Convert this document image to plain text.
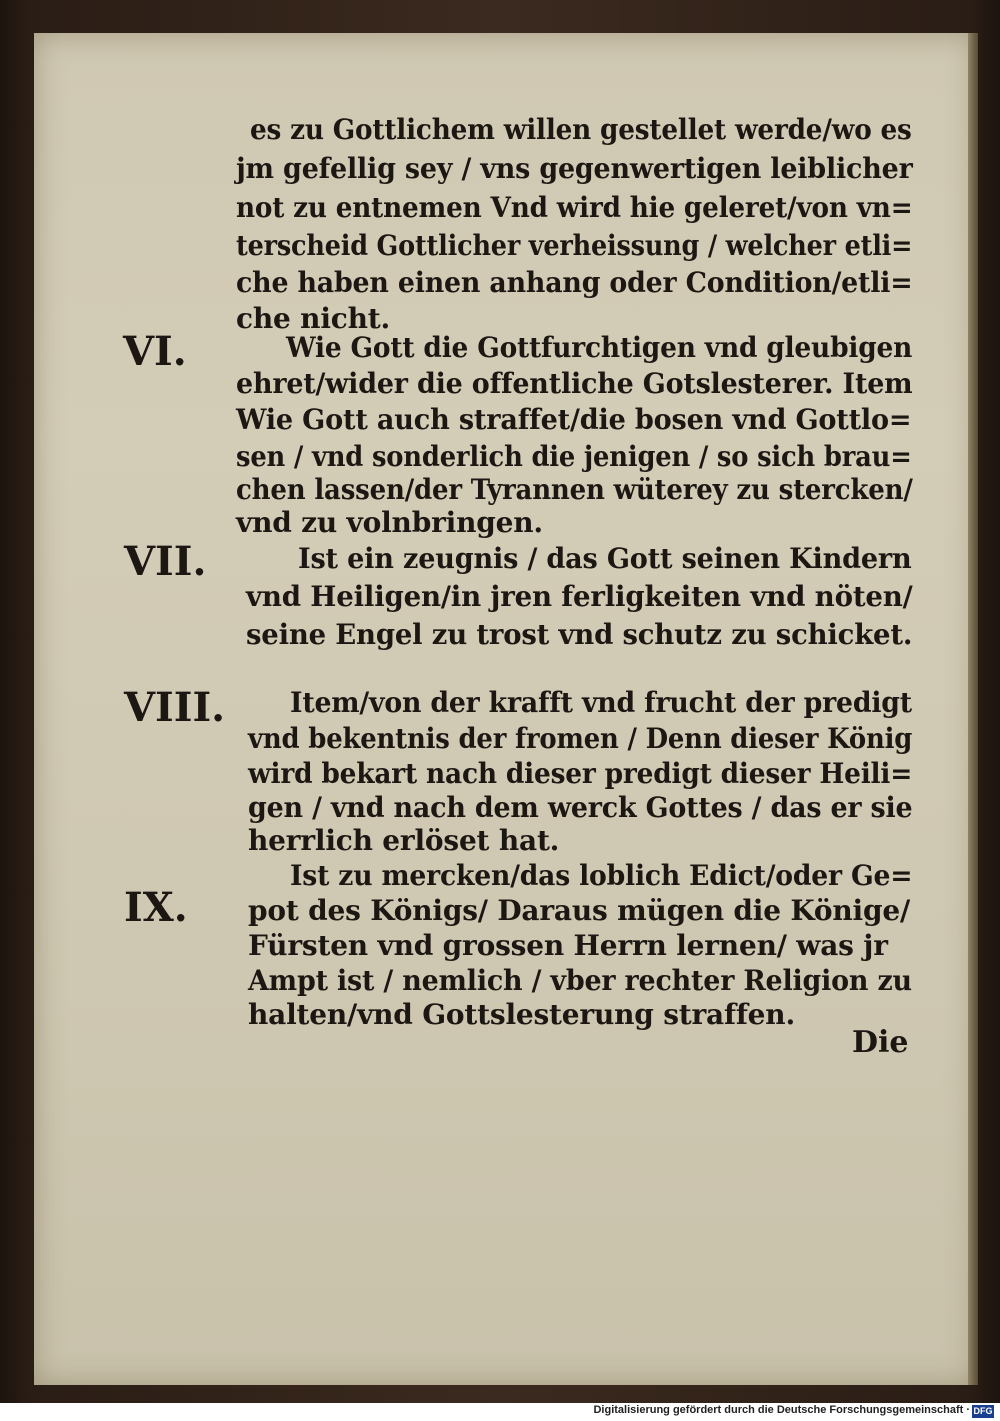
es zu Gottlichem willen gestellet werde/wo es
jm gefellig sey / vns gegenwertigen leiblicher
not zu entnemen Vnd wird hie geleret/von vn=
terscheid Gottlicher verheissung / welcher etli=
che haben einen anhang oder Condition/etli=
che nicht.
VI.	Wie Gott die Gottfurchtigen vnd gleubigen
ehret/wider die offentliche Gotslesterer. Item
Wie Gott auch straffet/die bosen vnd Gottlo=
sen / vnd sonderlich die jenigen / so sich brau=
chen lassen/der Tyrannen wüterey zu stercken/
vnd zu volnbringen.
VII.	Ist ein zeugnis / das Gott seinen Kindern
vnd Heiligen/in jren ferligkeiten vnd nöten/
seine Engel zu trost vnd schutz zu schicket.
VIII. Item/von der krafft vnd frucht der predigt
vnd bekentnis der fromen / Denn dieser König
wird bekart nach dieser predigt dieser Heili=
gen / vnd nach dem werck Gottes / das er sie
herrlich erlöset hat.
Ist zu mercken/das loblich Edict/oder Ge=
IX. pot des Königs/ Daraus mügen die Könige/
Fürsten vnd grossen Herrn lernen/ was jr
Ampt ist / nemlich / vber rechter Religion zu
halten/vnd Gottslesterung straffen.
Die
Digitalisierung gefördert durch die Deutsche Forschungsgemeinschaft · DFG
